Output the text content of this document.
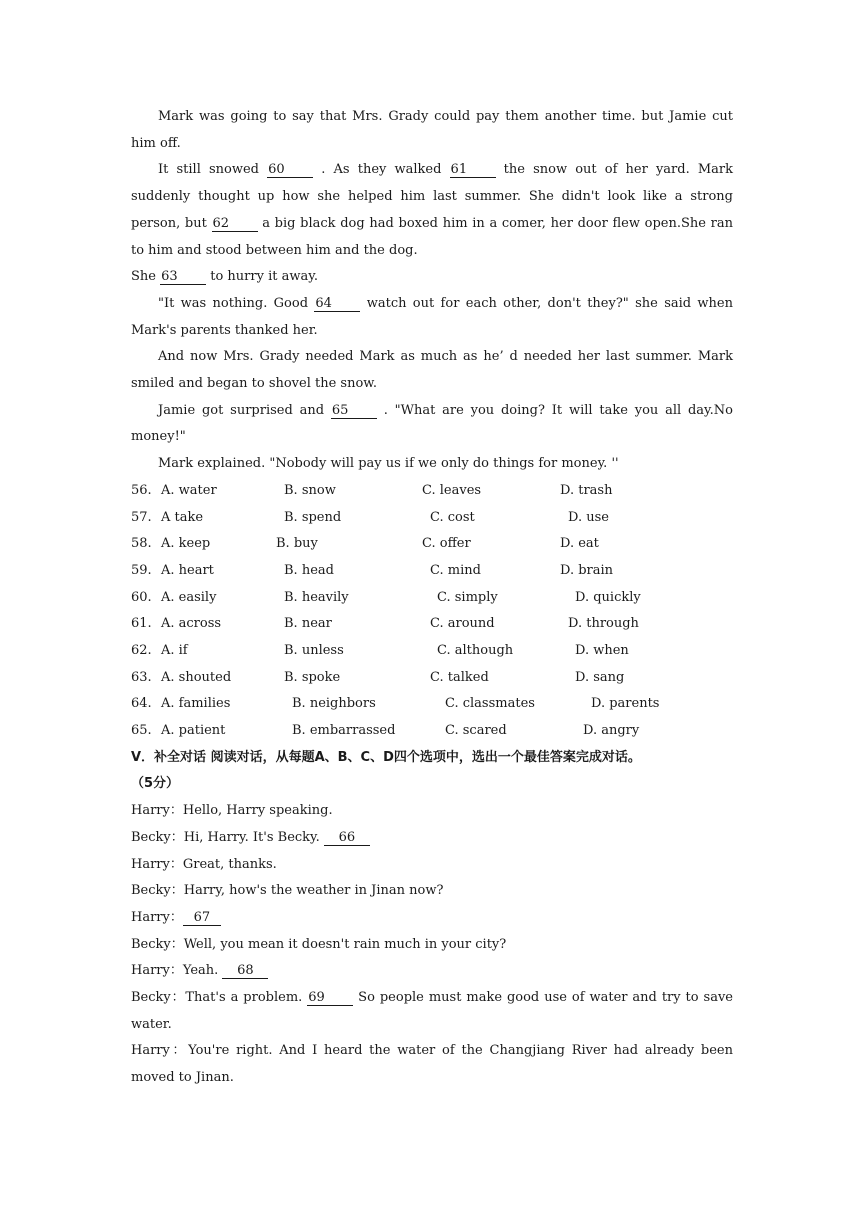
Mark was going to say that Mrs. Grady could pay them another time. but Jamie cut him off.

It still snowed 60 . As they walked 61 the snow out of her yard. Mark suddenly thought up how she helped him last summer. She didn't look like a strong person, but 62 a big black dog had boxed him in a comer, her door flew open.She ran to him and stood between him and the dog.

She 63 to hurry it away.

"It was nothing. Good 64 watch out for each other, don't they?" she said when Mark's parents thanked her.

And now Mrs. Grady needed Mark as much as he’ d needed her last summer. Mark smiled and began to shovel the snow.

Jamie got surprised and 65 . "What are you doing? It will take you all day.No money!"

Mark explained. "Nobody will pay us if we only do things for money. ''

56. A. water	B. snow	C. leaves	D. trash
57. A take	B. spend	C. cost	D. use
58. A. keep	B. buy	C. offer	D. eat
59. A. heart	B. head	C. mind	D. brain
60. A. easily	B. heavily	C. simply	D. quickly
61. A. across	B. near	C. around	D. through
62. A. if	B. unless	C. although	D. when
63. A. shouted	B. spoke	C. talked	D. sang
64. A. families	B. neighbors	C. classmates	D. parents
65. A. patient	B. embarrassed	C. scared	D. angry

V．补全对话 阅读对话，从每题A、B、C、D四个选项中，选出一个最佳答案完成对话。

（5分）

Harry：Hello, Harry speaking.

Becky：Hi, Harry. It's Becky. 66

Harry：Great, thanks.

Becky：Harry, how's the weather in Jinan now?

Harry： 67

Becky：Well, you mean it doesn't rain much in your city?

Harry：Yeah. 68

Becky：That's a problem. 69 So people must make good use of water and try to save water.

Harry：You're right. And I heard the water of the Changjiang River had already been moved to Jinan.
